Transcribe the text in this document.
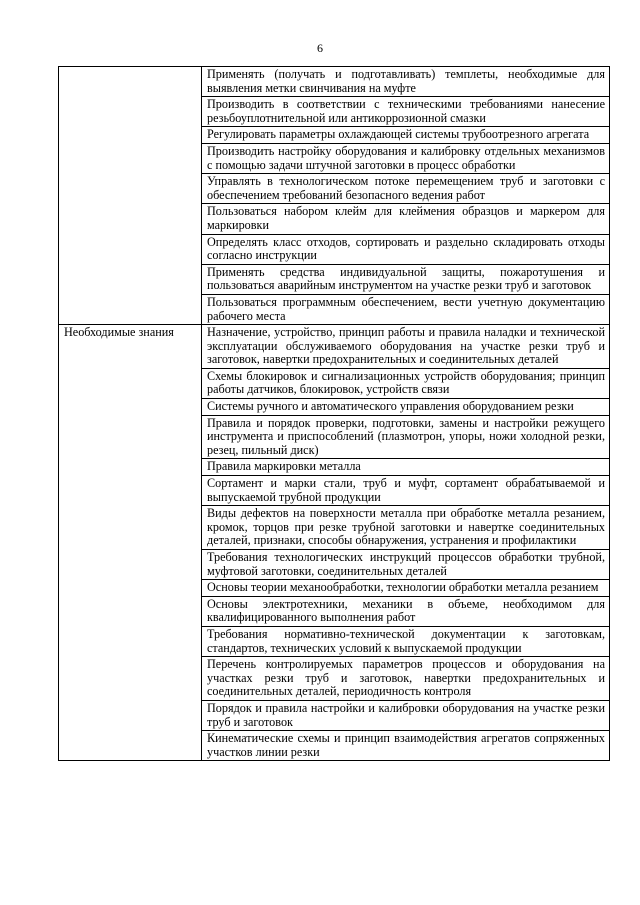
6
	Применять (получать и подготавливать) темплеты, необходимые для выявления метки свинчивания на муфте
	Производить в соответствии с техническими требованиями нанесение резьбоуплотнительной или антикоррозионной смазки
	Регулировать параметры охлаждающей системы трубоотрезного агрегата
	Производить настройку оборудования и калибровку отдельных механизмов с помощью задачи штучной заготовки в процесс обработки
	Управлять в технологическом потоке перемещением труб и заготовки с обеспечением требований безопасного ведения работ
	Пользоваться набором клейм для клеймения образцов и маркером для маркировки
	Определять класс отходов, сортировать и раздельно складировать отходы согласно инструкции
	Применять средства индивидуальной защиты, пожаротушения и пользоваться аварийным инструментом на участке резки труб и заготовок
	Пользоваться программным обеспечением, вести учетную документацию рабочего места
Необходимые знания	Назначение, устройство, принцип работы и правила наладки и технической эксплуатации обслуживаемого оборудования на участке резки труб и заготовок, навертки предохранительных и соединительных деталей
	Схемы блокировок и сигнализационных устройств оборудования; принцип работы датчиков, блокировок, устройств связи
	Системы ручного и автоматического управления оборудованием резки
	Правила и порядок проверки, подготовки, замены и настройки режущего инструмента и приспособлений (плазмотрон, упоры, ножи холодной резки, резец, пильный диск)
	Правила маркировки металла
	Сортамент и марки стали, труб и муфт, сортамент обрабатываемой и выпускаемой трубной продукции
	Виды дефектов на поверхности металла при обработке металла резанием, кромок, торцов при резке трубной заготовки и навертке соединительных деталей, признаки, способы обнаружения, устранения и профилактики
	Требования технологических инструкций процессов обработки трубной, муфтовой заготовки, соединительных деталей
	Основы теории механообработки, технологии обработки металла резанием
	Основы электротехники, механики в объеме, необходимом для квалифицированного выполнения работ
	Требования нормативно-технической документации к заготовкам, стандартов, технических условий к выпускаемой продукции
	Перечень контролируемых параметров процессов и оборудования на участках резки труб и заготовок, навертки предохранительных и соединительных деталей, периодичность контроля
	Порядок и правила настройки и калибровки оборудования на участке резки труб и заготовок
	Кинематические схемы и принцип взаимодействия агрегатов сопряженных участков линии резки
